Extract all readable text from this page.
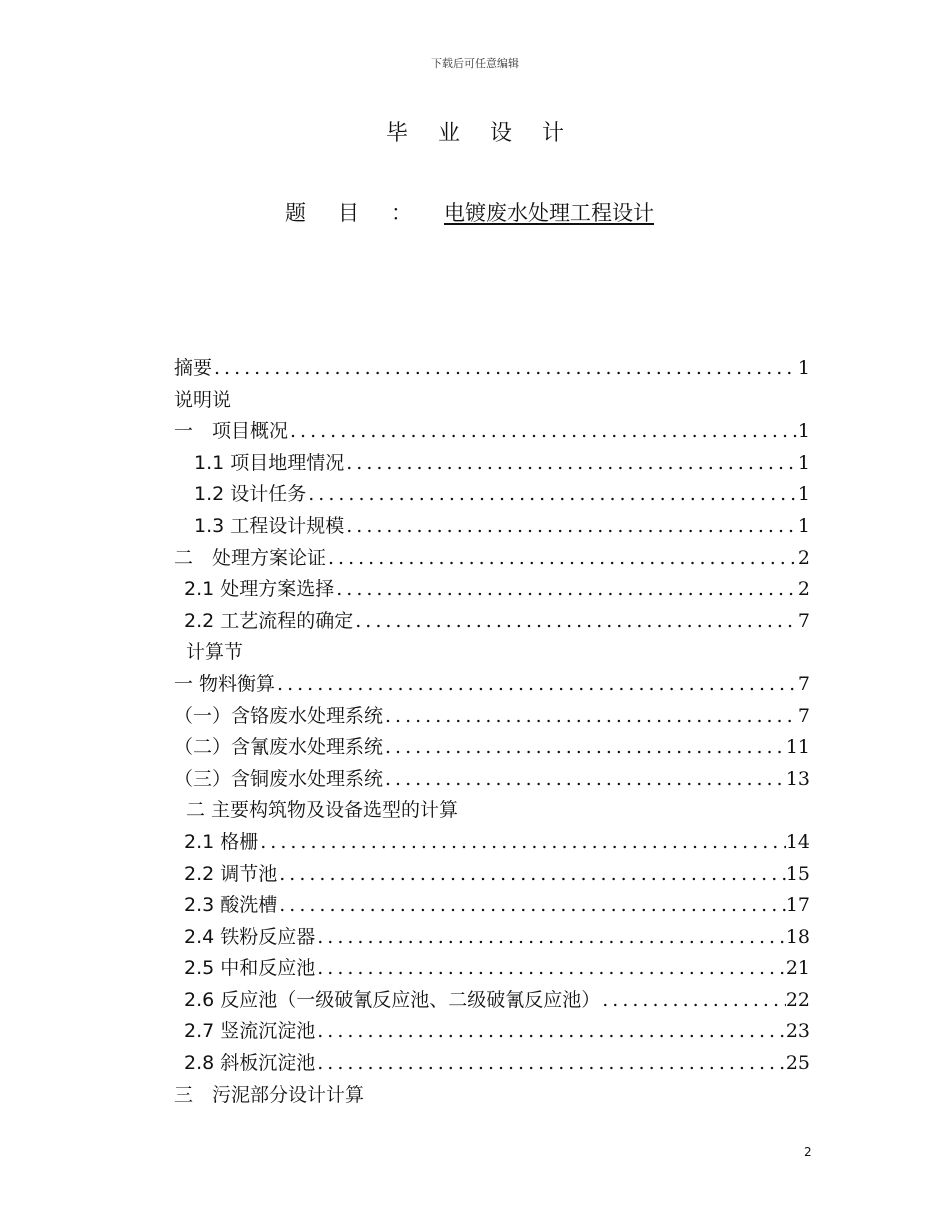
下载后可任意编辑
毕业设计
题目：电镀废水处理工程设计
摘要 .....	1
说明说
一　项目概况 .....	1
1.1 项目地理情况 .....	1
1.2 设计任务 .....	1
1.3 工程设计规模 .....	1
二　处理方案论证 .....	2
2.1 处理方案选择 .....	2
2.2 工艺流程的确定 .....	7
计算节
一 物料衡算 .....	7
（一）含铬废水处理系统 .....	7
（二）含氰废水处理系统 .....	11
（三）含铜废水处理系统 .....	13
二 主要构筑物及设备选型的计算
2.1 格栅 .....	14
2.2 调节池 .....	15
2.3 酸洗槽 .....	17
2.4 铁粉反应器 .....	18
2.5 中和反应池 .....	21
2.6 反应池（一级破氰反应池、二级破氰反应池） .....	22
2.7 竖流沉淀池 .....	23
2.8 斜板沉淀池 .....	25
三　污泥部分设计计算
2
